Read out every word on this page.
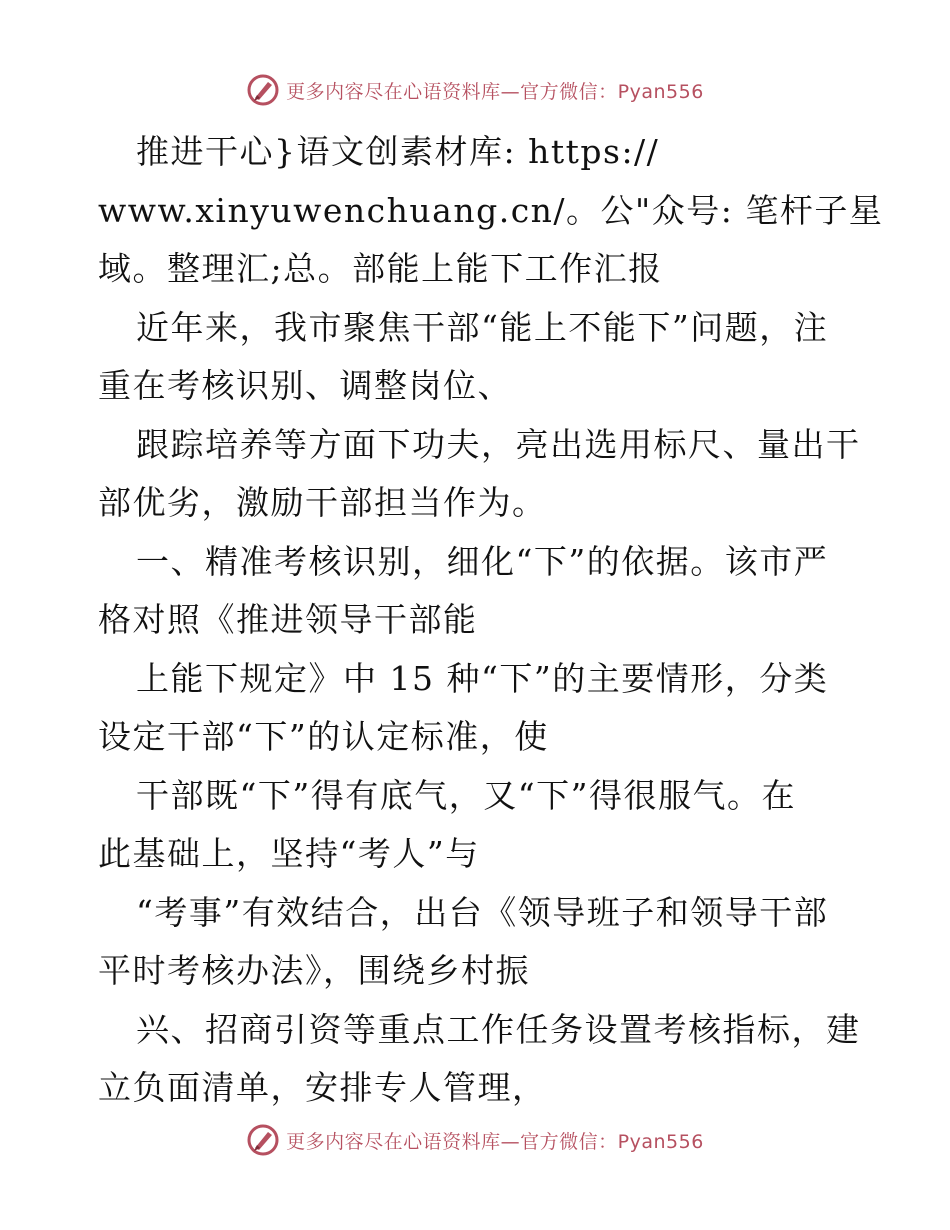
更多内容尽在心语资料库—官方微信：Pyan556
推进干心}语文创素材库: https://
www.xinyuwenchuang.cn/。公"众号: 笔杆子星
域。整理汇;总。部能上能下工作汇报
近年来，我市聚焦干部“能上不能下”问题，注
重在考核识别、调整岗位、
跟踪培养等方面下功夫，亮出选用标尺、量出干
部优劣，激励干部担当作为。
一、精准考核识别，细化“下”的依据。该市严
格对照《推进领导干部能
上能下规定》中 15 种“下”的主要情形，分类
设定干部“下”的认定标准，使
干部既“下”得有底气，又“下”得很服气。在
此基础上，坚持“考人”与
“考事”有效结合，出台《领导班子和领导干部
平时考核办法》，围绕乡村振
兴、招商引资等重点工作任务设置考核指标，建
立负面清单，安排专人管理，
更多内容尽在心语资料库—官方微信：Pyan556
